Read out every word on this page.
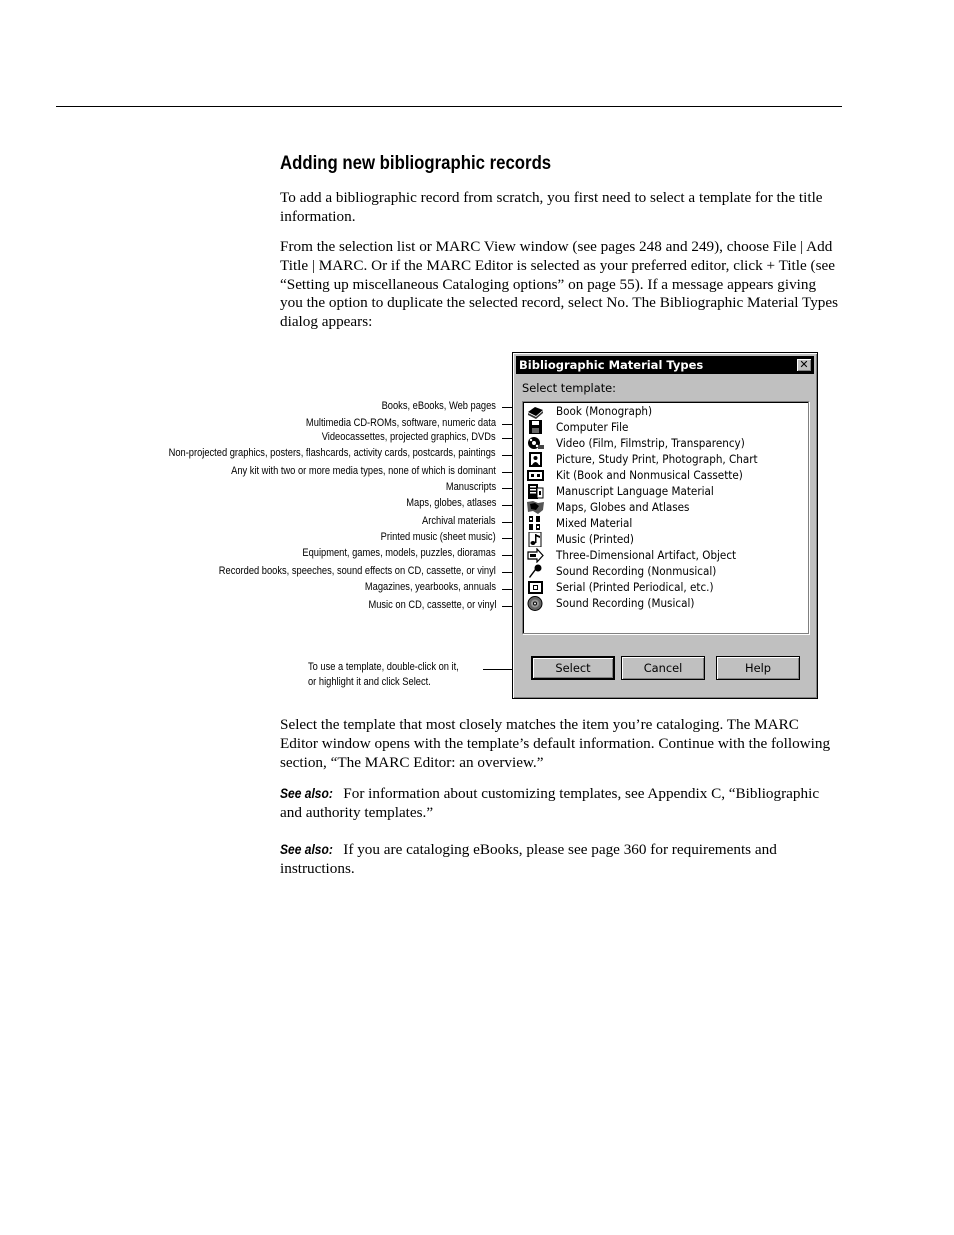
Adding new bibliographic records
To add a bibliographic record from scratch, you first need to select a template for the title information.
From the selection list or MARC View window (see pages 248 and 249), choose File | Add Title | MARC. Or if the MARC Editor is selected as your preferred editor, click + Title (see “Setting up miscellaneous Cataloging options” on page 55). If a message appears giving you the option to duplicate the selected record, select No. The Bibliographic Material Types dialog appears:
Books, eBooks, Web pages
Multimedia CD-ROMs, software, numeric data
Videocassettes, projected graphics, DVDs
Non-projected graphics, posters, flashcards, activity cards, postcards, paintings
Any kit with two or more media types, none of which is dominant
Manuscripts
Maps, globes, atlases
Archival materials
Printed music (sheet music)
Equipment, games, models, puzzles, dioramas
Recorded books, speeches, sound effects on CD, cassette, or vinyl
Magazines, yearbooks, annuals
Music on CD, cassette, or vinyl
To use a template, double-click on it,
or highlight it and click Select.
Bibliographic Material Types	✕
Select template:
Book (Monograph)
Computer File
Video (Film, Filmstrip, Transparency)
Picture, Study Print, Photograph, Chart
Kit (Book and Nonmusical Cassette)
Manuscript Language Material
Maps, Globes and Atlases
Mixed Material
Music (Printed)
Three-Dimensional Artifact, Object
Sound Recording (Nonmusical)
Serial (Printed Periodical, etc.)
Sound Recording (Musical)
Select	Cancel	Help
Select the template that most closely matches the item you’re cataloging. The MARC Editor window opens with the template’s default information. Continue with the following section, “The MARC Editor: an overview.”
See also: For information about customizing templates, see Appendix C, “Bibliographic and authority templates.”
See also: If you are cataloging eBooks, please see page 360 for requirements and instructions.
